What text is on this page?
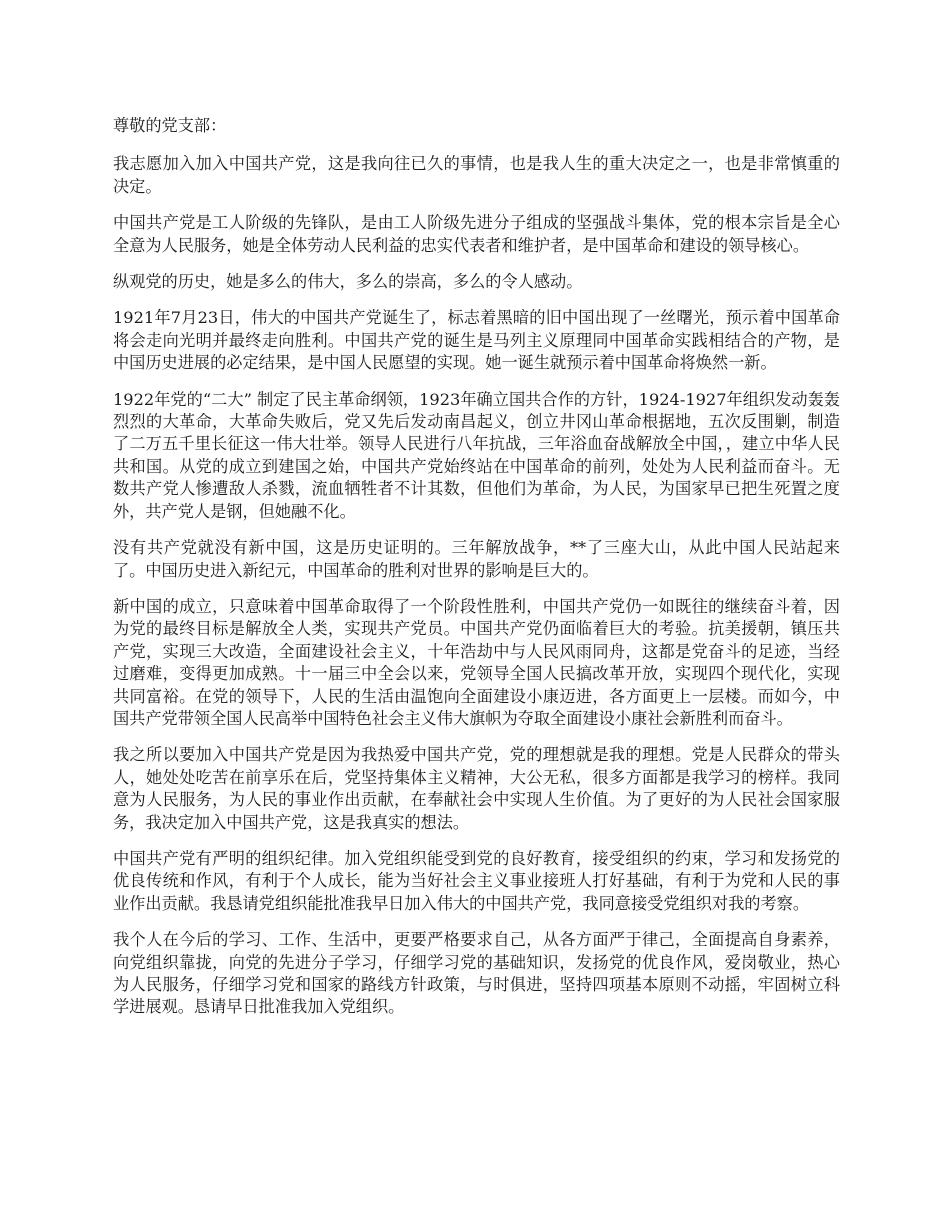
尊敬的党支部：

我志愿加入加入中国共产党，这是我向往已久的事情，也是我人生的重大决定之一，也是非常慎重的决定。

中国共产党是工人阶级的先锋队，是由工人阶级先进分子组成的坚强战斗集体，党的根本宗旨是全心全意为人民服务，她是全体劳动人民利益的忠实代表者和维护者，是中国革命和建设的领导核心。

纵观党的历史，她是多么的伟大，多么的崇高，多么的令人感动。

1921年7月23日，伟大的中国共产党诞生了，标志着黑暗的旧中国出现了一丝曙光，预示着中国革命将会走向光明并最终走向胜利。中国共产党的诞生是马列主义原理同中国革命实践相结合的产物，是中国历史进展的必定结果，是中国人民愿望的实现。她一诞生就预示着中国革命将焕然一新。

1922年党的“二大” 制定了民主革命纲领，1923年确立国共合作的方针，1924-1927年组织发动轰轰烈烈的大革命，大革命失败后，党又先后发动南昌起义，创立井冈山革命根据地，五次反围剿，制造了二万五千里长征这一伟大壮举。领导人民进行八年抗战，三年浴血奋战解放全中国，，建立中华人民共和国。从党的成立到建国之始，中国共产党始终站在中国革命的前列，处处为人民利益而奋斗。无数共产党人惨遭敌人杀戮，流血牺牲者不计其数，但他们为革命，为人民，为国家早已把生死置之度外，共产党人是钢，但她融不化。

没有共产党就没有新中国，这是历史证明的。三年解放战争，**了三座大山，从此中国人民站起来了。中国历史进入新纪元，中国革命的胜利对世界的影响是巨大的。

新中国的成立，只意味着中国革命取得了一个阶段性胜利，中国共产党仍一如既往的继续奋斗着，因为党的最终目标是解放全人类，实现共产党员。中国共产党仍面临着巨大的考验。抗美援朝，镇压共产党，实现三大改造，全面建设社会主义，十年浩劫中与人民风雨同舟，这都是党奋斗的足迹，当经过磨难，变得更加成熟。十一届三中全会以来，党领导全国人民搞改革开放，实现四个现代化，实现共同富裕。在党的领导下，人民的生活由温饱向全面建设小康迈进，各方面更上一层楼。而如今，中国共产党带领全国人民高举中国特色社会主义伟大旗帜为夺取全面建设小康社会新胜利而奋斗。

我之所以要加入中国共产党是因为我热爱中国共产党，党的理想就是我的理想。党是人民群众的带头人，她处处吃苦在前享乐在后，党坚持集体主义精神，大公无私，很多方面都是我学习的榜样。我同意为人民服务，为人民的事业作出贡献，在奉献社会中实现人生价值。为了更好的为人民社会国家服务，我决定加入中国共产党，这是我真实的想法。

中国共产党有严明的组织纪律。加入党组织能受到党的良好教育，接受组织的约束，学习和发扬党的优良传统和作风，有利于个人成长，能为当好社会主义事业接班人打好基础，有利于为党和人民的事业作出贡献。我恳请党组织能批准我早日加入伟大的中国共产党，我同意接受党组织对我的考察。

我个人在今后的学习、工作、生活中，更要严格要求自己，从各方面严于律己，全面提高自身素养，向党组织靠拢，向党的先进分子学习，仔细学习党的基础知识，发扬党的优良作风，爱岗敬业，热心为人民服务，仔细学习党和国家的路线方针政策，与时俱进，坚持四项基本原则不动摇，牢固树立科学进展观。恳请早日批准我加入党组织。
